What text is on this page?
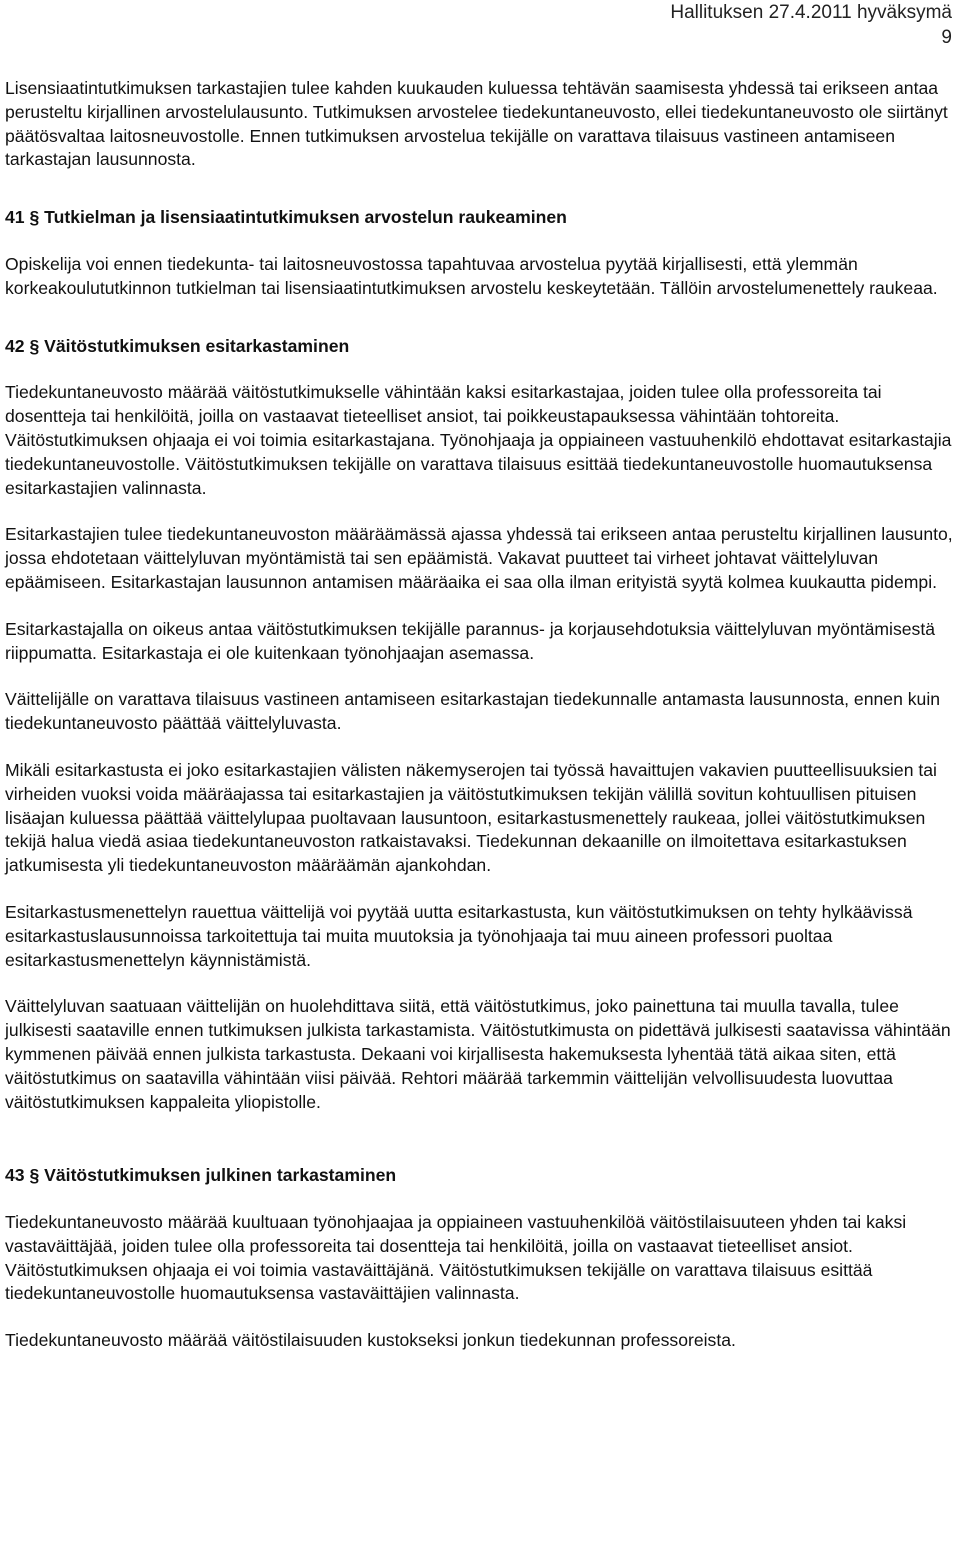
Hallituksen 27.4.2011 hyväksymä
9

Lisensiaatintutkimuksen tarkastajien tulee kahden kuukauden kuluessa tehtävän saamisesta yhdessä tai erikseen antaa perusteltu kirjallinen arvostelulausunto. Tutkimuksen arvostelee tiedekuntaneuvosto, ellei tiedekuntaneuvosto ole siirtänyt päätösvaltaa laitosneuvostolle. Ennen tutkimuksen arvostelua tekijälle on varattava tilaisuus vastineen antamiseen tarkastajan lausunnosta.

41 § Tutkielman ja lisensiaatintutkimuksen arvostelun raukeaminen

Opiskelija voi ennen tiedekunta- tai laitosneuvostossa tapahtuvaa arvostelua pyytää kirjallisesti, että ylemmän korkeakoulututkinnon tutkielman tai lisensiaatintutkimuksen arvostelu keskeytetään. Tällöin arvostelumenettely raukeaa.

42 § Väitöstutkimuksen esitarkastaminen

Tiedekuntaneuvosto määrää väitöstutkimukselle vähintään kaksi esitarkastajaa, joiden tulee olla professoreita tai dosentteja tai henkilöitä, joilla on vastaavat tieteelliset ansiot, tai poikkeustapauksessa vähintään tohtoreita. Väitöstutkimuksen ohjaaja ei voi toimia esitarkastajana. Työnohjaaja ja oppiaineen vastuuhenkilö ehdottavat esitarkastajia tiedekuntaneuvostolle. Väitöstutkimuksen tekijälle on varattava tilaisuus esittää tiedekuntaneuvostolle huomautuksensa esitarkastajien valinnasta.

Esitarkastajien tulee tiedekuntaneuvoston määräämässä ajassa yhdessä tai erikseen antaa perusteltu kirjallinen lausunto, jossa ehdotetaan väittelyluvan myöntämistä tai sen epäämistä. Vakavat puutteet tai virheet johtavat väittelyluvan epäämiseen. Esitarkastajan lausunnon antamisen määräaika ei saa olla ilman erityistä syytä kolmea kuukautta pidempi.

Esitarkastajalla on oikeus antaa väitöstutkimuksen tekijälle parannus- ja korjausehdotuksia väittelyluvan myöntämisestä riippumatta. Esitarkastaja ei ole kuitenkaan työnohjaajan asemassa.

Väittelijälle on varattava tilaisuus vastineen antamiseen esitarkastajan tiedekunnalle antamasta lausunnosta, ennen kuin tiedekuntaneuvosto päättää väittelyluvasta.

Mikäli esitarkastusta ei joko esitarkastajien välisten näkemyserojen tai työssä havaittujen vakavien puutteellisuuksien tai virheiden vuoksi voida määräajassa tai esitarkastajien ja väitöstutkimuksen tekijän välillä sovitun kohtuullisen pituisen lisäajan kuluessa päättää väittelylupaa puoltavaan lausuntoon, esitarkastusmenettely raukeaa, jollei väitöstutkimuksen tekijä halua viedä asiaa tiedekuntaneuvoston ratkaistavaksi. Tiedekunnan dekaanille on ilmoitettava esitarkastuksen jatkumisesta yli tiedekuntaneuvoston määräämän ajankohdan.

Esitarkastusmenettelyn rauettua väittelijä voi pyytää uutta esitarkastusta, kun väitöstutkimuksen on tehty hylkäävissä esitarkastuslausunnoissa tarkoitettuja tai muita muutoksia ja työnohjaaja tai muu aineen professori puoltaa esitarkastusmenettelyn käynnistämistä.

Väittelyluvan saatuaan väittelijän on huolehdittava siitä, että väitöstutkimus, joko painettuna tai muulla tavalla, tulee julkisesti saataville ennen tutkimuksen julkista tarkastamista. Väitöstutkimusta on pidettävä julkisesti saatavissa vähintään kymmenen päivää ennen julkista tarkastusta. Dekaani voi kirjallisesta hakemuksesta lyhentää tätä aikaa siten, että väitöstutkimus on saatavilla vähintään viisi päivää. Rehtori määrää tarkemmin väittelijän velvollisuudesta luovuttaa väitöstutkimuksen kappaleita yliopistolle.

43 § Väitöstutkimuksen julkinen tarkastaminen

Tiedekuntaneuvosto määrää kuultuaan työnohjaajaa ja oppiaineen vastuuhenkilöä väitöstilaisuuteen yhden tai kaksi vastaväittäjää, joiden tulee olla professoreita tai dosentteja tai henkilöitä, joilla on vastaavat tieteelliset ansiot. Väitöstutkimuksen ohjaaja ei voi toimia vastaväittäjänä. Väitöstutkimuksen tekijälle on varattava tilaisuus esittää tiedekuntaneuvostolle huomautuksensa vastaväittäjien valinnasta.

Tiedekuntaneuvosto määrää väitöstilaisuuden kustokseksi jonkun tiedekunnan professoreista.
